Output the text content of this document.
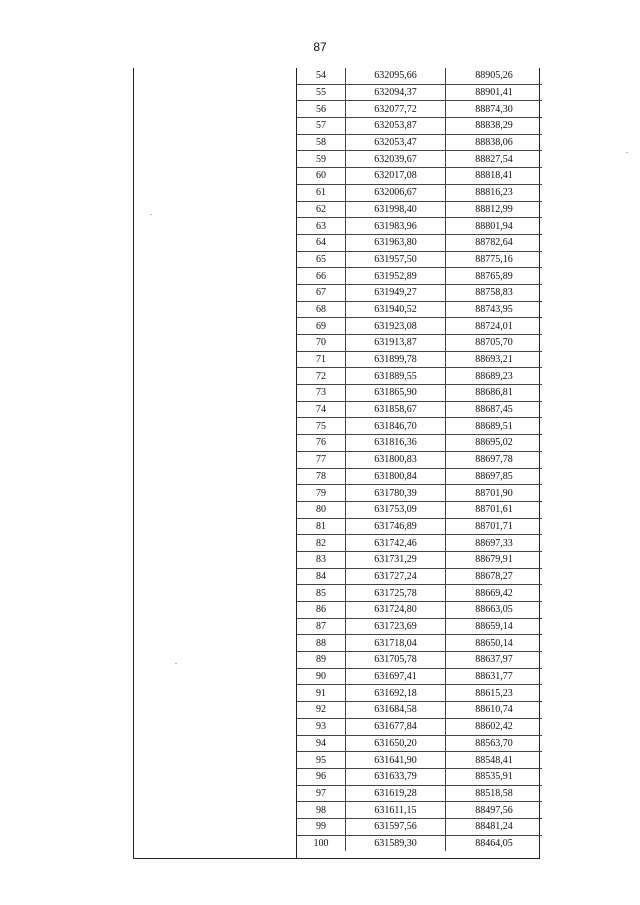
87
54	632095,66	88905,26
55	632094,37	88901,41
56	632077,72	88874,30
57	632053,87	88838,29
58	632053,47	88838,06
59	632039,67	88827,54
60	632017,08	88818,41
61	632006,67	88816,23
62	631998,40	88812,99
63	631983,96	88801,94
64	631963,80	88782,64
65	631957,50	88775,16
66	631952,89	88765,89
67	631949,27	88758,83
68	631940,52	88743,95
69	631923,08	88724,01
70	631913,87	88705,70
71	631899,78	88693,21
72	631889,55	88689,23
73	631865,90	88686,81
74	631858,67	88687,45
75	631846,70	88689,51
76	631816,36	88695,02
77	631800,83	88697,78
78	631800,84	88697,85
79	631780,39	88701,90
80	631753,09	88701,61
81	631746,89	88701,71
82	631742,46	88697,33
83	631731,29	88679,91
84	631727,24	88678,27
85	631725,78	88669,42
86	631724,80	88663,05
87	631723,69	88659,14
88	631718,04	88650,14
89	631705,78	88637,97
90	631697,41	88631,77
91	631692,18	88615,23
92	631684,58	88610,74
93	631677,84	88602,42
94	631650,20	88563,70
95	631641,90	88548,41
96	631633,79	88535,91
97	631619,28	88518,58
98	631611,15	88497,56
99	631597,56	88481,24
100	631589,30	88464,05
